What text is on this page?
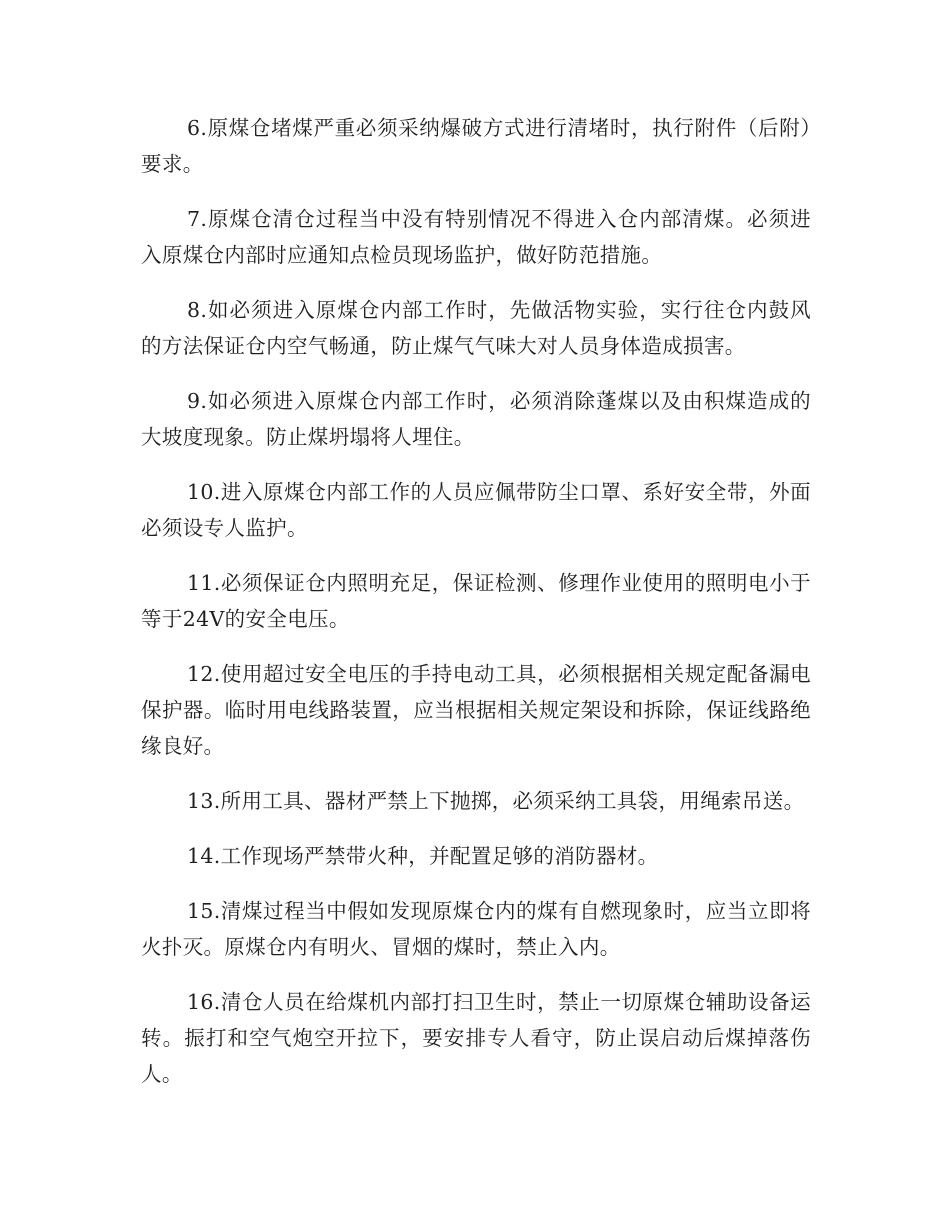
6.原煤仓堵煤严重必须采纳爆破方式进行清堵时，执行附件（后附）要求。

7.原煤仓清仓过程当中没有特别情况不得进入仓内部清煤。必须进入原煤仓内部时应通知点检员现场监护，做好防范措施。

8.如必须进入原煤仓内部工作时，先做活物实验，实行往仓内鼓风的方法保证仓内空气畅通，防止煤气气味大对人员身体造成损害。

9.如必须进入原煤仓内部工作时，必须消除蓬煤以及由积煤造成的大坡度现象。防止煤坍塌将人埋住。

10.进入原煤仓内部工作的人员应佩带防尘口罩、系好安全带，外面必须设专人监护。

11.必须保证仓内照明充足，保证检测、修理作业使用的照明电小于等于24V的安全电压。

12.使用超过安全电压的手持电动工具，必须根据相关规定配备漏电保护器。临时用电线路装置，应当根据相关规定架设和拆除，保证线路绝缘良好。

13.所用工具、器材严禁上下抛掷，必须采纳工具袋，用绳索吊送。

14.工作现场严禁带火种，并配置足够的消防器材。

15.清煤过程当中假如发现原煤仓内的煤有自燃现象时，应当立即将火扑灭。原煤仓内有明火、冒烟的煤时，禁止入内。

16.清仓人员在给煤机内部打扫卫生时，禁止一切原煤仓辅助设备运转。振打和空气炮空开拉下，要安排专人看守，防止误启动后煤掉落伤人。
